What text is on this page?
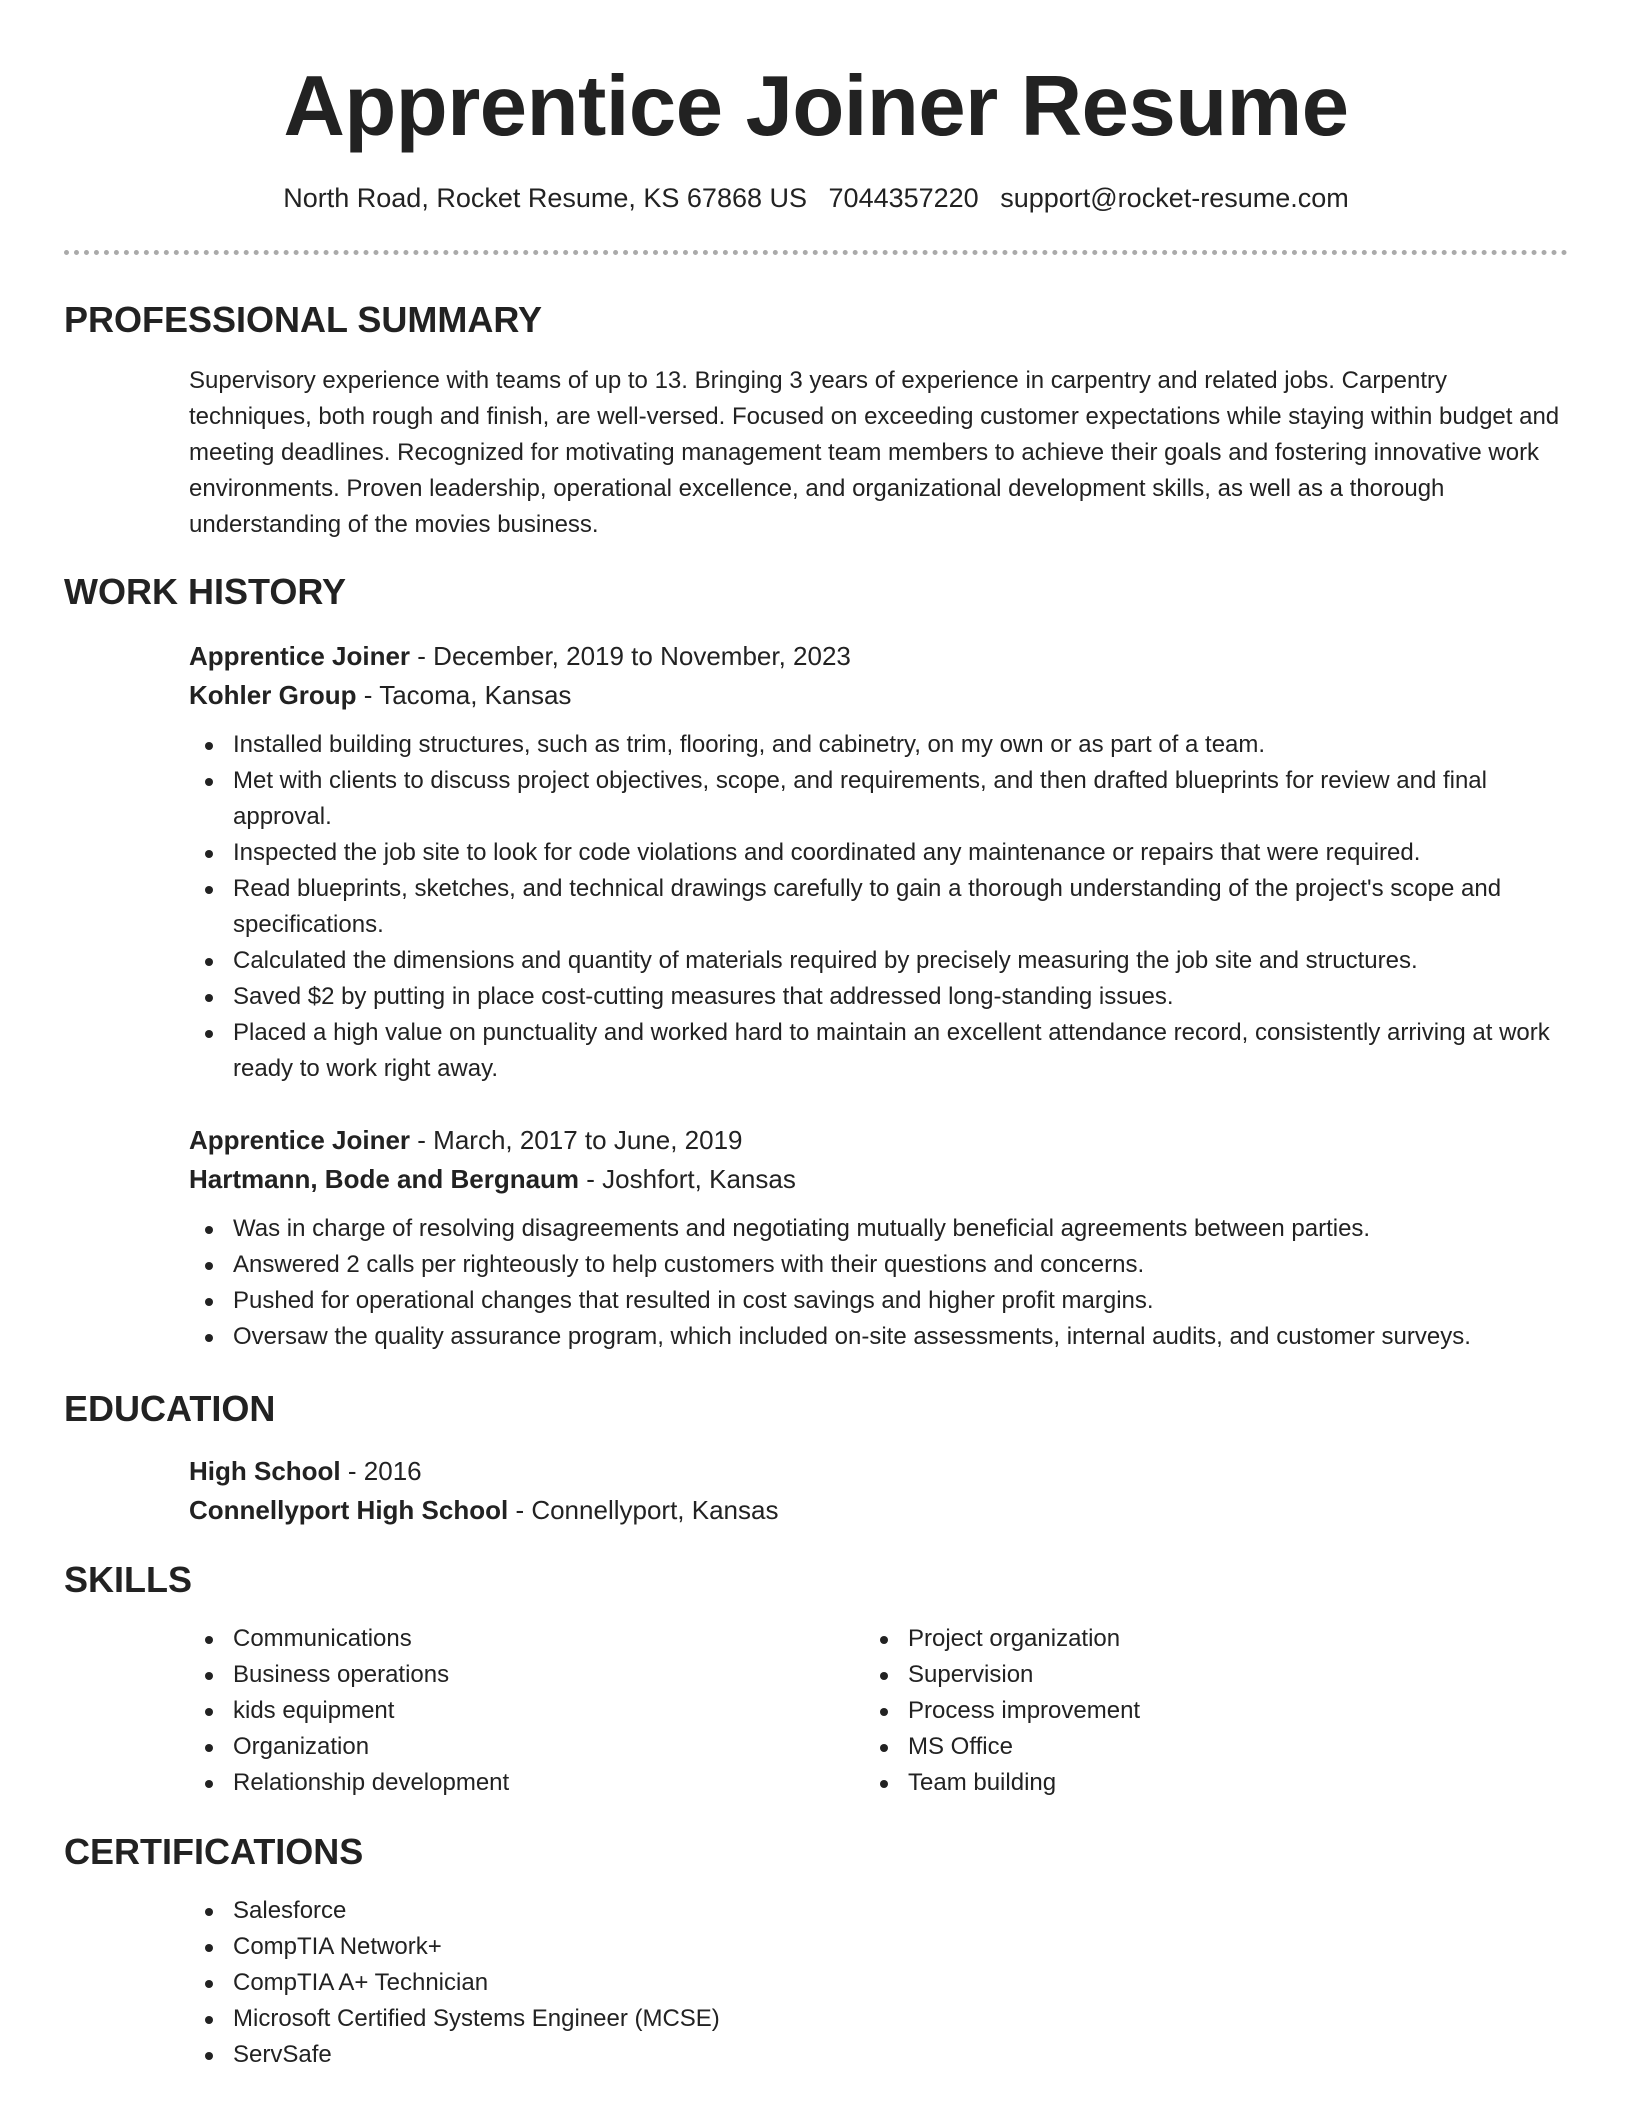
Apprentice Joiner Resume
North Road, Rocket Resume, KS 67868 US 7044357220 support@rocket-resume.com
PROFESSIONAL SUMMARY

Supervisory experience with teams of up to 13. Bringing 3 years of experience in carpentry and related jobs. Carpentry techniques, both rough and finish, are well-versed. Focused on exceeding customer expectations while staying within budget and meeting deadlines. Recognized for motivating management team members to achieve their goals and fostering innovative work environments. Proven leadership, operational excellence, and organizational development skills, as well as a thorough understanding of the movies business.

WORK HISTORY
Apprentice Joiner - December, 2019 to November, 2023
Kohler Group - Tacoma, Kansas
Installed building structures, such as trim, flooring, and cabinetry, on my own or as part of a team.
Met with clients to discuss project objectives, scope, and requirements, and then drafted blueprints for review and final approval.
Inspected the job site to look for code violations and coordinated any maintenance or repairs that were required.
Read blueprints, sketches, and technical drawings carefully to gain a thorough understanding of the project's scope and specifications.
Calculated the dimensions and quantity of materials required by precisely measuring the job site and structures.
Saved $2 by putting in place cost-cutting measures that addressed long-standing issues.
Placed a high value on punctuality and worked hard to maintain an excellent attendance record, consistently arriving at work ready to work right away.
Apprentice Joiner - March, 2017 to June, 2019
Hartmann, Bode and Bergnaum - Joshfort, Kansas
Was in charge of resolving disagreements and negotiating mutually beneficial agreements between parties.
Answered 2 calls per righteously to help customers with their questions and concerns.
Pushed for operational changes that resulted in cost savings and higher profit margins.
Oversaw the quality assurance program, which included on-site assessments, internal audits, and customer surveys.
EDUCATION
High School - 2016
Connellyport High School - Connellyport, Kansas
SKILLS
Communications
Business operations
kids equipment
Organization
Relationship development
Project organization
Supervision
Process improvement
MS Office
Team building
CERTIFICATIONS
Salesforce
CompTIA Network+
CompTIA A+ Technician
Microsoft Certified Systems Engineer (MCSE)
ServSafe
